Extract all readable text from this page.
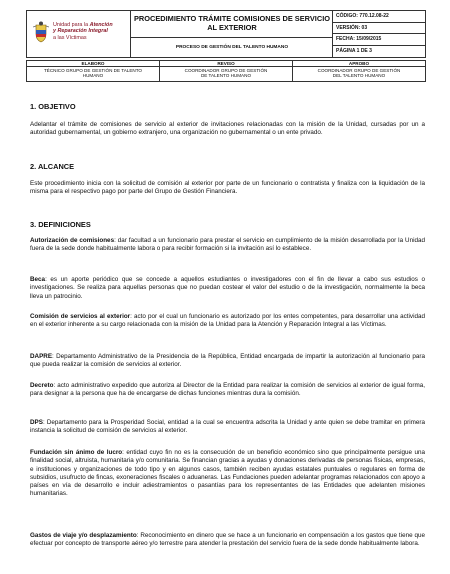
Unidad para la Atención
y Reparación Integral
a las Víctimas
PROCEDIMIENTO TRÁMITE COMISIONES DE SERVICIO AL EXTERIOR
PROCESO DE GESTIÓN DEL TALENTO HUMANO
CÓDIGO: 770.12.08-22
VERSIÓN: 03
FECHA: 15/09/2015
PÁGINA 1 DE 3
ELABORO
TÉCNICO GRUPO DE GESTIÓN DE TALENTO
HUMANO
REVISO
COORDINADOR GRUPO DE GESTIÓN
DE TALENTO HUMANO
APROBO
COORDINADOR GRUPO DE GESTIÓN
DEL TALENTO HUMANO
1. OBJETIVO
Adelantar el trámite de comisiones de servicio al exterior de invitaciones relacionadas con la misión de la Unidad, cursadas por un a autoridad gubernamental, un gobierno extranjero, una organización no gubernamental o un ente privado.
2. ALCANCE
Este procedimiento inicia con la solicitud de comisión al exterior por parte de un funcionario o contratista y finaliza con la liquidación de la misma para el respectivo pago por parte del Grupo de Gestión Financiera.
3. DEFINICIONES
Autorización de comisiones: dar facultad a un funcionario para prestar el servicio en cumplimiento de la misión desarrollada por la Unidad fuera de la sede donde habitualmente labora o para recibir formación si la invitación así lo establece.
Beca: es un aporte periódico que se concede a aquellos estudiantes o investigadores con el fin de llevar a cabo sus estudios o investigaciones. Se realiza para aquellas personas que no puedan costear el valor del estudio o de la investigación, normalmente la beca lleva un patrocinio.
Comisión de servicios al exterior: acto por el cual un funcionario es autorizado por los entes competentes, para desarrollar una actividad en el exterior inherente a su cargo relacionada con la misión de la Unidad para la Atención y Reparación Integral a las Víctimas.
DAPRE: Departamento Administrativo de la Presidencia de la República, Entidad encargada de impartir la autorización al funcionario para que pueda realizar la comisión de servicios al exterior.
Decreto: acto administrativo expedido que autoriza al Director de la Entidad para realizar la comisión de servicios al exterior de igual forma, para designar a la persona que ha de encargarse de dichas funciones mientras dura la comisión.
DPS: Departamento para la Prosperidad Social, entidad a la cual se encuentra adscrita la Unidad y ante quien se debe tramitar en primera instancia la solicitud de comisión de servicios al exterior.
Fundación sin ánimo de lucro: entidad cuyo fin no es la consecución de un beneficio económico sino que principalmente persigue una finalidad social, altruista, humanitaria y/o comunitaria. Se financian gracias a ayudas y donaciones derivadas de personas físicas, empresas, e instituciones y organizaciones de todo tipo y en algunos casos, también reciben ayudas estatales puntuales o regulares en forma de subsidios, usufructo de fincas, exoneraciones fiscales o aduaneras. Las Fundaciones pueden adelantar programas relacionados con apoyo a países en vía de desarrollo e incluir adiestramientos o pasantías para los representantes de las Entidades que adelanten misiones humanitarias.
Gastos de viaje y/o desplazamiento: Reconocimiento en dinero que se hace a un funcionario en compensación a los gastos que tiene que efectuar por concepto de transporte aéreo y/o terrestre para atender la prestación del servicio fuera de la sede donde habitualmente labora.
